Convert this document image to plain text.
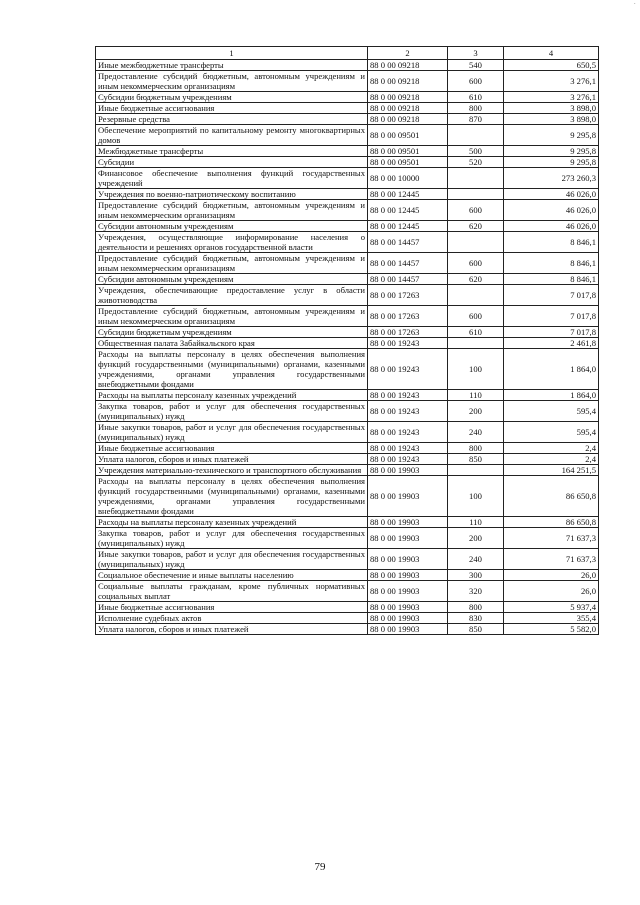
·
1	2	3	4
Иные межбюджетные трансферты	88 0 00 09218	540	650,5
Предоставление субсидий бюджетным, автономным учреждениям и иным некоммерческим организациям	88 0 00 09218	600	3 276,1
Субсидии бюджетным учреждениям	88 0 00 09218	610	3 276,1
Иные бюджетные ассигнования	88 0 00 09218	800	3 898,0
Резервные средства	88 0 00 09218	870	3 898,0
Обеспечение мероприятий по капитальному ремонту многоквартирных домов	88 0 00 09501		9 295,8
Межбюджетные трансферты	88 0 00 09501	500	9 295,8
Субсидии	88 0 00 09501	520	9 295,8
Финансовое обеспечение выполнения функций государственных учреждений	88 0 00 10000		273 260,3
Учреждения по военно-патриотическому воспитанию	88 0 00 12445		46 026,0
Предоставление субсидий бюджетным, автономным учреждениям и иным некоммерческим организациям	88 0 00 12445	600	46 026,0
Субсидии автономным учреждениям	88 0 00 12445	620	46 026,0
Учреждения, осуществляющие информирование населения о деятельности и решениях органов государственной власти	88 0 00 14457		8 846,1
Предоставление субсидий бюджетным, автономным учреждениям и иным некоммерческим организациям	88 0 00 14457	600	8 846,1
Субсидии автономным учреждениям	88 0 00 14457	620	8 846,1
Учреждения, обеспечивающие предоставление услуг в области животноводства	88 0 00 17263		7 017,8
Предоставление субсидий бюджетным, автономным учреждениям и иным некоммерческим организациям	88 0 00 17263	600	7 017,8
Субсидии бюджетным учреждениям	88 0 00 17263	610	7 017,8
Общественная палата Забайкальского края	88 0 00 19243		2 461,8
Расходы на выплаты персоналу в целях обеспечения выполнения функций государственными (муниципальными) органами, казенными учреждениями, органами управления государственными внебюджетными фондами	88 0 00 19243	100	1 864,0
Расходы на выплаты персоналу казенных учреждений	88 0 00 19243	110	1 864,0
Закупка товаров, работ и услуг для обеспечения государственных (муниципальных) нужд	88 0 00 19243	200	595,4
Иные закупки товаров, работ и услуг для обеспечения государственных (муниципальных) нужд	88 0 00 19243	240	595,4
Иные бюджетные ассигнования	88 0 00 19243	800	2,4
Уплата налогов, сборов и иных платежей	88 0 00 19243	850	2,4
Учреждения материально-технического и транспортного обслуживания	88 0 00 19903		164 251,5
Расходы на выплаты персоналу в целях обеспечения выполнения функций государственными (муниципальными) органами, казенными учреждениями, органами управления государственными внебюджетными фондами	88 0 00 19903	100	86 650,8
Расходы на выплаты персоналу казенных учреждений	88 0 00 19903	110	86 650,8
Закупка товаров, работ и услуг для обеспечения государственных (муниципальных) нужд	88 0 00 19903	200	71 637,3
Иные закупки товаров, работ и услуг для обеспечения государственных (муниципальных) нужд	88 0 00 19903	240	71 637,3
Социальное обеспечение и иные выплаты населению	88 0 00 19903	300	26,0
Социальные выплаты гражданам, кроме публичных нормативных социальных выплат	88 0 00 19903	320	26,0
Иные бюджетные ассигнования	88 0 00 19903	800	5 937,4
Исполнение судебных актов	88 0 00 19903	830	355,4
Уплата налогов, сборов и иных платежей	88 0 00 19903	850	5 582,0
79
